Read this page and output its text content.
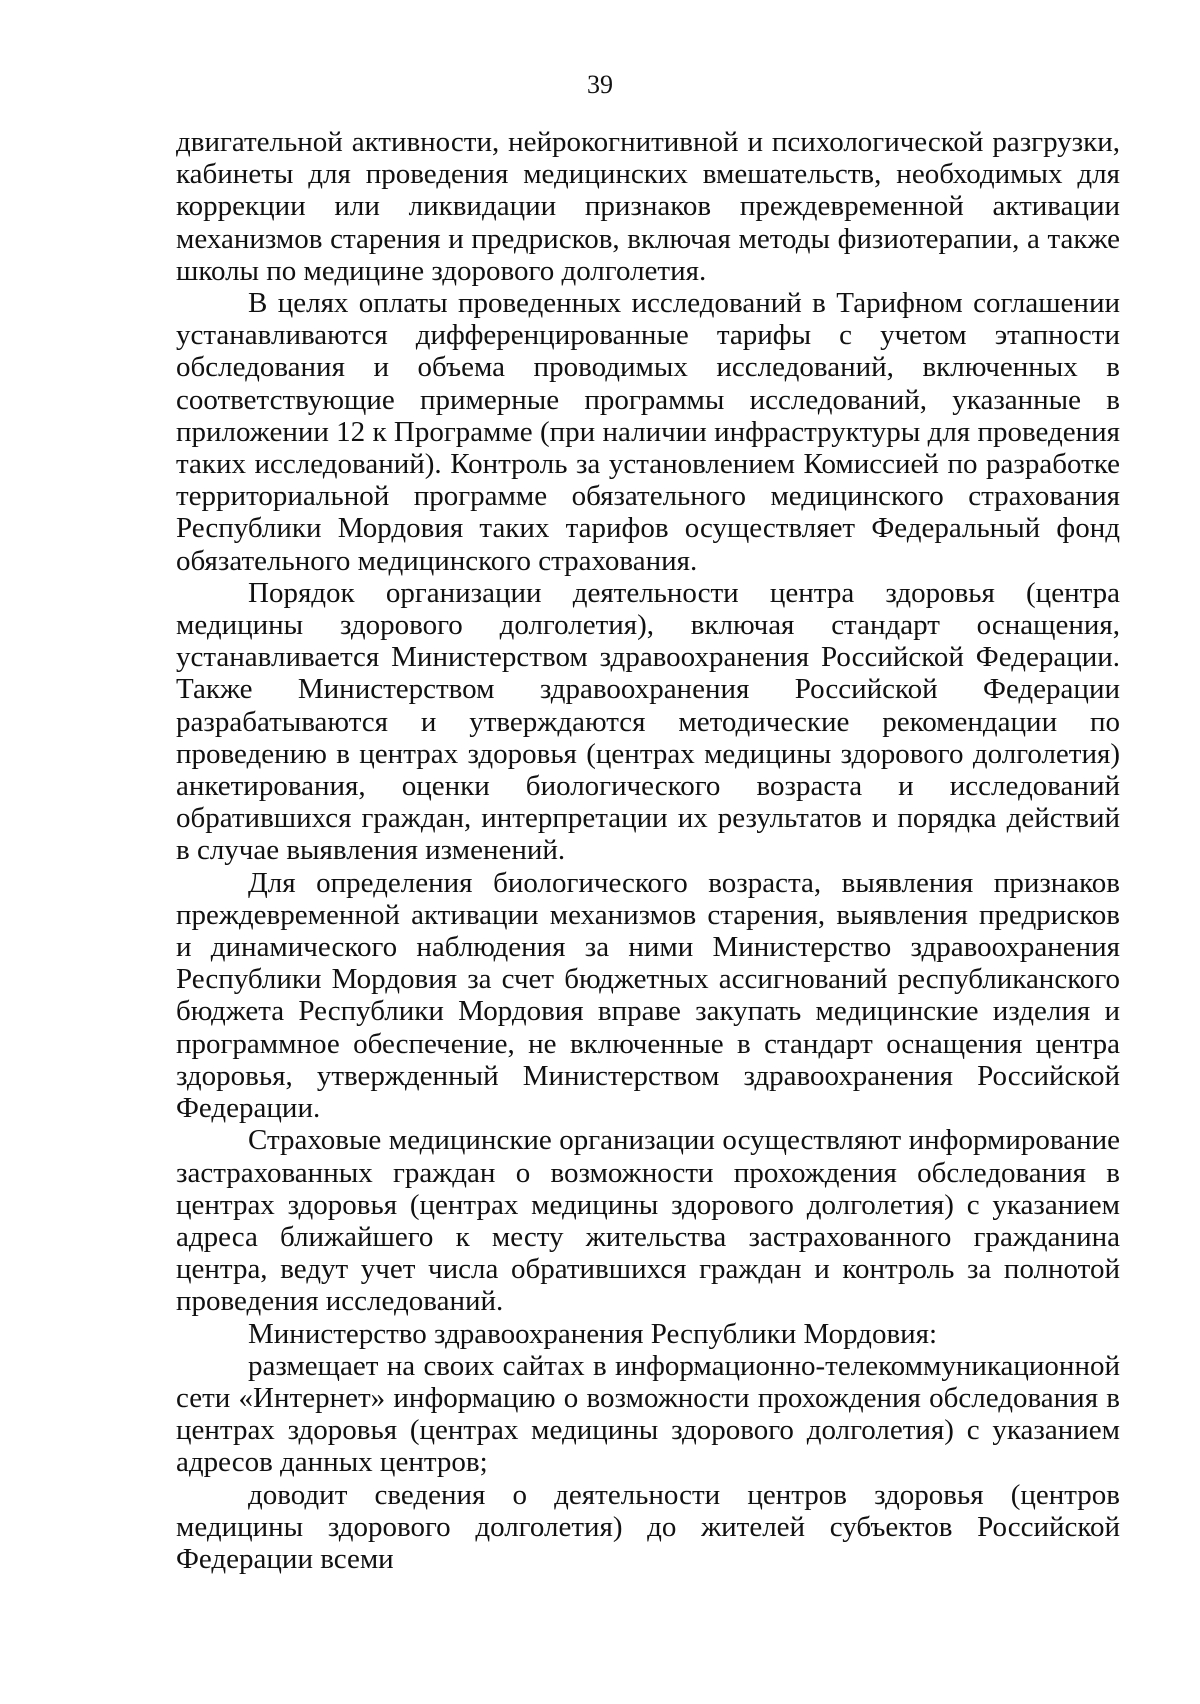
39

двигательной активности, нейрокогнитивной и психологической разгрузки, кабинеты для проведения медицинских вмешательств, необходимых для коррекции или ликвидации признаков преждевременной активации механизмов старения и предрисков, включая методы физиотерапии, а также школы по медицине здорового долголетия.

В целях оплаты проведенных исследований в Тарифном соглашении устанавливаются дифференцированные тарифы с учетом этапности обследования и объема проводимых исследований, включенных в соответствующие примерные программы исследований, указанные в приложении 12 к Программе (при наличии инфраструктуры для проведения таких исследований). Контроль за установлением Комиссией по разработке территориальной программе обязательного медицинского страхования Республики Мордовия таких тарифов осуществляет Федеральный фонд обязательного медицинского страхования.

Порядок организации деятельности центра здоровья (центра медицины здорового долголетия), включая стандарт оснащения, устанавливается Министерством здравоохранения Российской Федерации. Также Министерством здравоохранения Российской Федерации разрабатываются и утверждаются методические рекомендации по проведению в центрах здоровья (центрах медицины здорового долголетия) анкетирования, оценки биологического возраста и исследований обратившихся граждан, интерпретации их результатов и порядка действий в случае выявления изменений.

Для определения биологического возраста, выявления признаков преждевременной активации механизмов старения, выявления предрисков и динамического наблюдения за ними Министерство здравоохранения Республики Мордовия за счет бюджетных ассигнований республиканского бюджета Республики Мордовия вправе закупать медицинские изделия и программное обеспечение, не включенные в стандарт оснащения центра здоровья, утвержденный Министерством здравоохранения Российской Федерации.

Страховые медицинские организации осуществляют информирование застрахованных граждан о возможности прохождения обследования в центрах здоровья (центрах медицины здорового долголетия) с указанием адреса ближайшего к месту жительства застрахованного гражданина центра, ведут учет числа обратившихся граждан и контроль за полнотой проведения исследований.

Министерство здравоохранения Республики Мордовия:

размещает на своих сайтах в информационно-телекоммуникационной сети «Интернет» информацию о возможности прохождения обследования в центрах здоровья (центрах медицины здорового долголетия) с указанием адресов данных центров;

доводит сведения о деятельности центров здоровья (центров медицины здорового долголетия) до жителей субъектов Российской Федерации всеми
